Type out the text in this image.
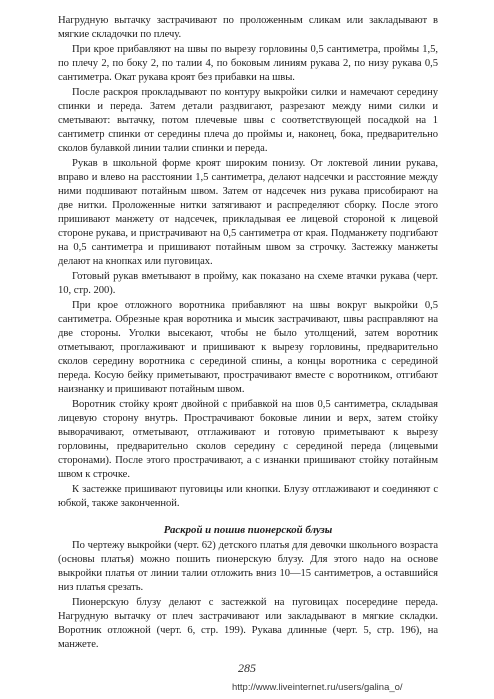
Нагрудную вытачку застрачивают по проложенным сликам или закладывают в мягкие складочки по плечу.

При крое прибавляют на швы по вырезу горловины 0,5 сантиметра, проймы 1,5, по плечу 2, по боку 2, по талии 4, по боковым линиям рукава 2, по низу рукава 0,5 сантиметра. Окат рукава кроят без прибавки на швы.

После раскроя прокладывают по контуру выкройки силки и намечают середину спинки и переда. Затем детали раздвигают, разрезают между ними силки и сметывают: вытачку, потом плечевые швы с соответствующей посадкой на 1 сантиметр спинки от середины плеча до проймы и, наконец, бока, предварительно сколов булавкой линии талии спинки и переда.

Рукав в школьной форме кроят широким понизу. От локтевой линии рукава, вправо и влево на расстоянии 1,5 сантиметра, делают надсечки и расстояние между ними подшивают потайным швом. Затем от надсечек низ рукава присобирают на две нитки. Проложенные нитки затягивают и распределяют сборку. После этого пришивают манжету от надсечек, прикладывая ее лицевой стороной к лицевой стороне рукава, и пристрачивают на 0,5 сантиметра от края. Подманжету подгибают на 0,5 сантиметра и пришивают потайным швом за строчку. Застежку манжеты делают на кнопках или пуговицах.

Готовый рукав вметывают в пройму, как показано на схеме втачки рукава (черт. 10, стр. 200).

При крое отложного воротника прибавляют на швы вокруг выкройки 0,5 сантиметра. Обрезные края воротника и мысик застрачивают, швы расправляют на две стороны. Уголки высекают, чтобы не было утолщений, затем воротник отметывают, проглаживают и пришивают к вырезу горловины, предварительно сколов середину воротника с серединой спины, а концы воротника с серединой переда. Косую бейку приметывают, прострачивают вместе с воротником, отгибают наизнанку и пришивают потайным швом.

Воротник стойку кроят двойной с прибавкой на шов 0,5 сантиметра, складывая лицевую сторону внутрь. Прострачивают боковые линии и верх, затем стойку выворачивают, отметывают, отглаживают и готовую приметывают к вырезу горловины, предварительно сколов середину с серединой переда (лицевыми сторонами). После этого прострачивают, а с изнанки пришивают стойку потайным швом к строчке.

К застежке пришивают пуговицы или кнопки. Блузу отглаживают и соединяют с юбкой, также законченной.

Раскрой и пошив пионерской блузы

По чертежу выкройки (черт. 62) детского платья для девочки школьного возраста (основы платья) можно пошить пионерскую блузу. Для этого надо на основе выкройки платья от линии талии отложить вниз 10—15 сантиметров, а оставшийся низ платья срезать.

Пионерскую блузу делают с застежкой на пуговицах посередине переда. Нагрудную вытачку от плеч застрачивают или закладывают в мягкие складки. Воротник отложной (черт. 6, стр. 199). Рукава длинные (черт. 5, стр. 196), на манжете.

285
http://www.liveinternet.ru/users/galina_o/
